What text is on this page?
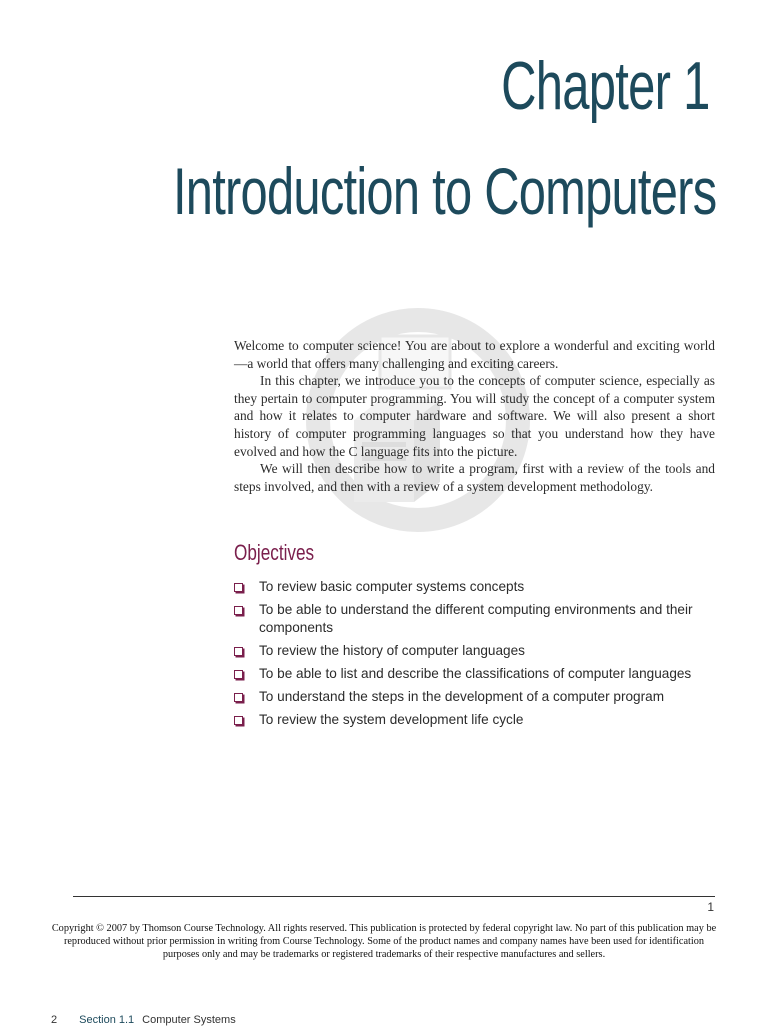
Chapter 1
Introduction to Computers

Welcome to computer science! You are about to explore a wonderful and exciting world—a world that offers many challenging and exciting careers.

In this chapter, we introduce you to the concepts of computer science, especially as they pertain to computer programming. You will study the concept of a computer system and how it relates to computer hardware and software. We will also present a short history of computer programming languages so that you understand how they have evolved and how the C language fits into the picture.

We will then describe how to write a program, first with a review of the tools and steps involved, and then with a review of a system development methodology.

Objectives
To review basic computer systems concepts
To be able to understand the different computing environments and their components
To review the history of computer languages
To be able to list and describe the classifications of computer languages
To understand the steps in the development of a computer program
To review the system development life cycle
1
Copyright © 2007 by Thomson Course Technology. All rights reserved. This publication is protected by federal copyright law. No part of this publication may be reproduced without prior permission in writing from Course Technology. Some of the product names and company names have been used for identification purposes only and may be trademarks or registered trademarks of their respective manufactures and sellers.
2 Section 1.1 Computer Systems
